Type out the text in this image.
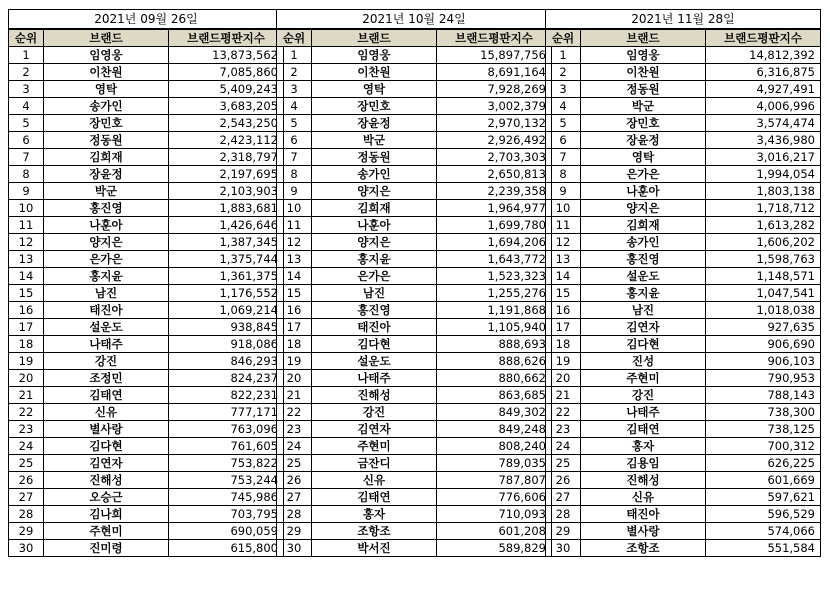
2021년 09월 26일		
순위	브랜드	브랜드평판지수
1	임영웅	13,873,562
2	이찬원	7,085,860
3	영탁	5,409,243
4	송가인	3,683,205
5	장민호	2,543,250
6	정동원	2,423,112
7	김희재	2,318,797
8	장윤정	2,197,695
9	박군	2,103,903
10	홍진영	1,883,681
11	나훈아	1,426,646
12	양지은	1,387,345
13	은가은	1,375,744
14	홍지윤	1,361,375
15	남진	1,176,552
16	태진아	1,069,214
17	설운도	938,845
18	나태주	918,086
19	강진	846,293
20	조정민	824,237
21	김태연	822,231
22	신유	777,171
23	별사랑	763,096
24	김다현	761,605
25	김연자	753,822
26	진해성	753,244
27	오승근	745,986
28	김나희	703,795
29	주현미	690,059
30	진미령	615,800
2021년 10월 24일		
순위	브랜드	브랜드평판지수
1	임영웅	15,897,756
2	이찬원	8,691,164
3	영탁	7,928,269
4	장민호	3,002,379
5	장윤정	2,970,132
6	박군	2,926,492
7	정동원	2,703,303
8	송가인	2,650,813
9	양지은	2,239,358
10	김희재	1,964,977
11	나훈아	1,699,780
12	양지은	1,694,206
13	홍지윤	1,643,772
14	은가은	1,523,323
15	남진	1,255,276
16	홍진영	1,191,868
17	태진아	1,105,940
18	김다현	888,693
19	설운도	888,626
20	나태주	880,662
21	진해성	863,685
22	강진	849,302
23	김연자	849,248
24	주현미	808,240
25	금잔디	789,035
26	신유	787,807
27	김태연	776,606
28	홍자	710,093
29	조항조	601,208
30	박서진	589,829
2021년 11월 28일		
순위	브랜드	브랜드평판지수
1	임영웅	14,812,392
2	이찬원	6,316,875
3	정동원	4,927,491
4	박군	4,006,996
5	장민호	3,574,474
6	장윤정	3,436,980
7	영탁	3,016,217
8	은가은	1,994,054
9	나훈아	1,803,138
10	양지은	1,718,712
11	김희재	1,613,282
12	송가인	1,606,202
13	홍진영	1,598,763
14	설운도	1,148,571
15	홍지윤	1,047,541
16	남진	1,018,038
17	김연자	927,635
18	김다현	906,690
19	진성	906,103
20	주현미	790,953
21	강진	788,143
22	나태주	738,300
23	김태연	738,125
24	홍자	700,312
25	김용임	626,225
26	진해성	601,669
27	신유	597,621
28	태진아	596,529
29	별사랑	574,066
30	조항조	551,584
